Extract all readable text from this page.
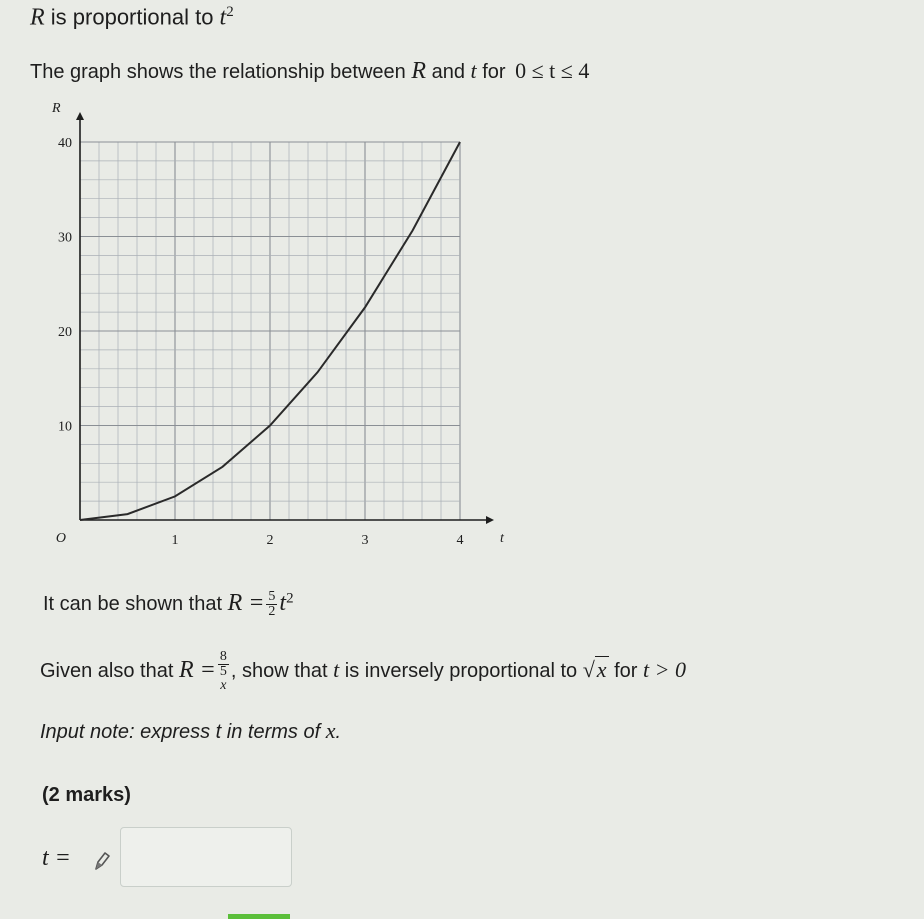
R is proportional to $t^2$
The graph shows the relationship between R and t for 0 ≤ t ≤ 4
1	2	3	4
10
20
30
40
O	t
R
It can be shown that $R = \frac{5}{2} t^2$
Given also that R = 8
5
x , show that t is inversely proportional to √x for t > 0
Input note: express t in terms of x.
(2 marks)
t =
